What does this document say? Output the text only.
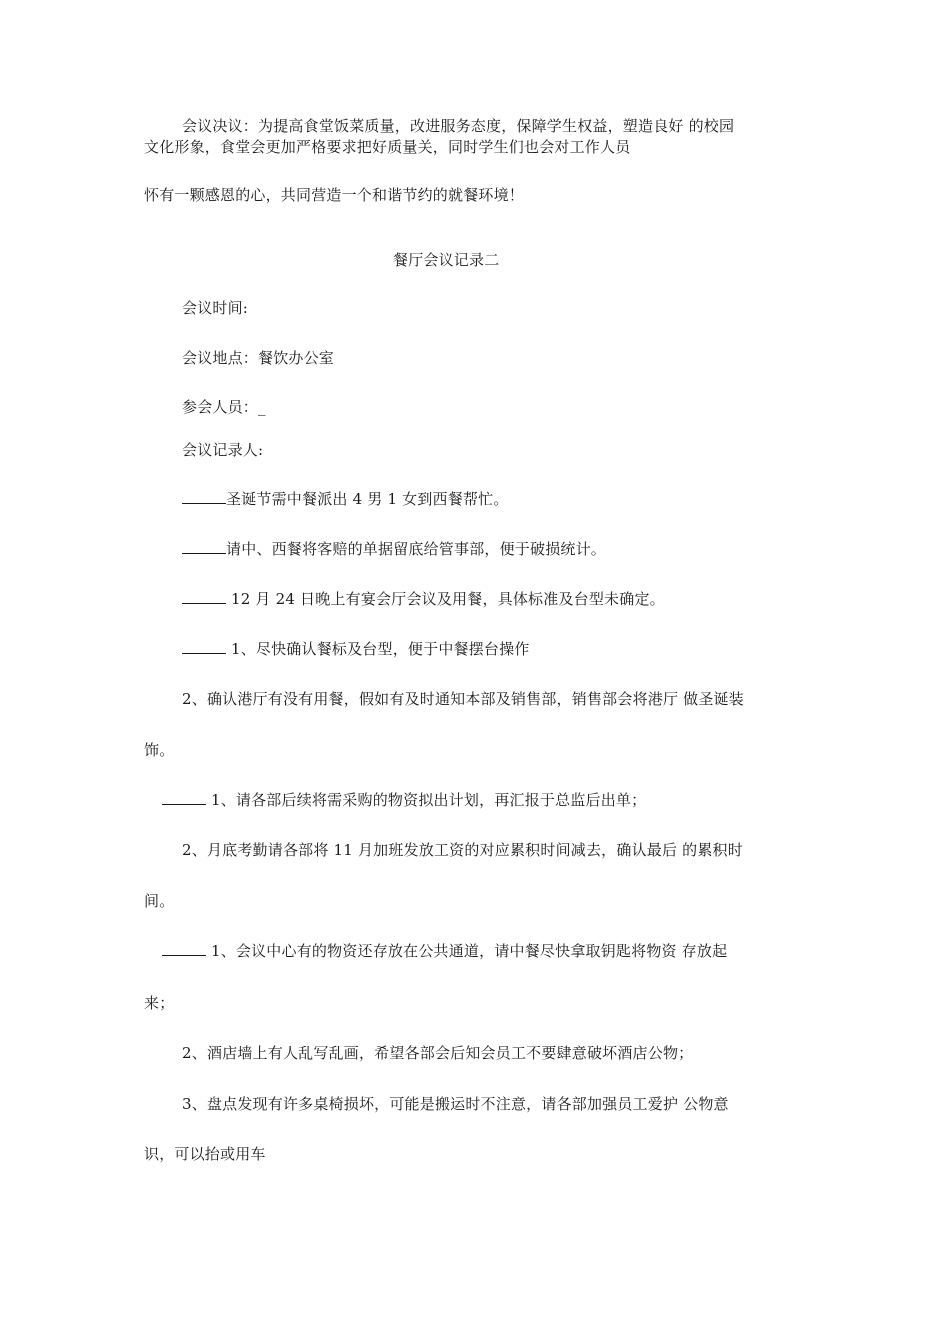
会议决议：为提高食堂饭菜质量，改进服务态度，保障学生权益，塑造良好 的校园
文化形象，食堂会更加严格要求把好质量关，同时学生们也会对工作人员
怀有一颗感恩的心，共同营造一个和谐节约的就餐环境！
餐厅会议记录二
会议时间:
会议地点：餐饮办公室
参会人员：_
会议记录人:
圣诞节需中餐派出 4 男 1 女到西餐帮忙。
请中、西餐将客赔的单据留底给管事部，便于破损统计。
12 月 24 日晚上有宴会厅会议及用餐，具体标准及台型未确定。
1、尽快确认餐标及台型，便于中餐摆台操作
2、确认港厅有没有用餐，假如有及时通知本部及销售部，销售部会将港厅 做圣诞装
饰。
1、请各部后续将需采购的物资拟出计划，再汇报于总监后出单；
2、月底考勤请各部将 11 月加班发放工资的对应累积时间减去，确认最后 的累积时
间。
1、会议中心有的物资还存放在公共通道，请中餐尽快拿取钥匙将物资 存放起
来；
2、酒店墙上有人乱写乱画，希望各部会后知会员工不要肆意破坏酒店公物；
3、盘点发现有许多桌椅损坏，可能是搬运时不注意，请各部加强员工爱护 公物意
识，可以抬或用车
